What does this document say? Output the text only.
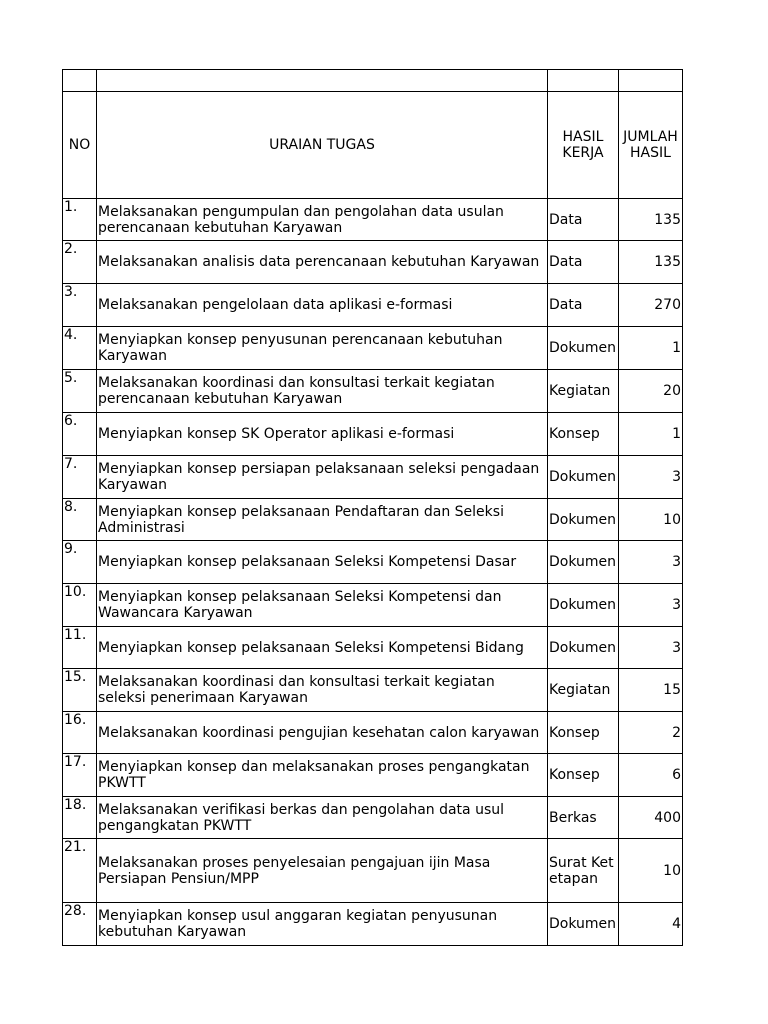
NO	URAIAN TUGAS	HASIL KERJA	JUMLAH HASIL
1.	Melaksanakan pengumpulan dan pengolahan data usulan perencanaan kebutuhan Karyawan	Data	135
2.	Melaksanakan analisis data perencanaan kebutuhan Karyawan	Data	135
3.	Melaksanakan pengelolaan data aplikasi e-formasi	Data	270
4.	Menyiapkan konsep penyusunan perencanaan kebutuhan Karyawan	Dokumen	1
5.	Melaksanakan koordinasi dan konsultasi terkait kegiatan perencanaan kebutuhan Karyawan	Kegiatan	20
6.	Menyiapkan konsep SK Operator aplikasi e-formasi	Konsep	1
7.	Menyiapkan konsep persiapan pelaksanaan seleksi pengadaan Karyawan	Dokumen	3
8.	Menyiapkan konsep pelaksanaan Pendaftaran dan Seleksi Administrasi	Dokumen	10
9.	Menyiapkan konsep pelaksanaan Seleksi Kompetensi Dasar	Dokumen	3
10.	Menyiapkan konsep pelaksanaan Seleksi Kompetensi dan Wawancara Karyawan	Dokumen	3
11.	Menyiapkan konsep pelaksanaan Seleksi Kompetensi Bidang	Dokumen	3
15.	Melaksanakan koordinasi dan konsultasi terkait kegiatan seleksi penerimaan Karyawan	Kegiatan	15
16.	Melaksanakan koordinasi pengujian kesehatan calon karyawan	Konsep	2
17.	Menyiapkan konsep dan melaksanakan proses pengangkatan PKWTT	Konsep	6
18.	Melaksanakan verifikasi berkas dan pengolahan data usul pengangkatan PKWTT	Berkas	400
21.	Melaksanakan proses penyelesaian pengajuan ijin Masa Persiapan Pensiun/MPP	Surat Ketetapan	10
28.	Menyiapkan konsep usul anggaran kegiatan penyusunan kebutuhan Karyawan	Dokumen	4
